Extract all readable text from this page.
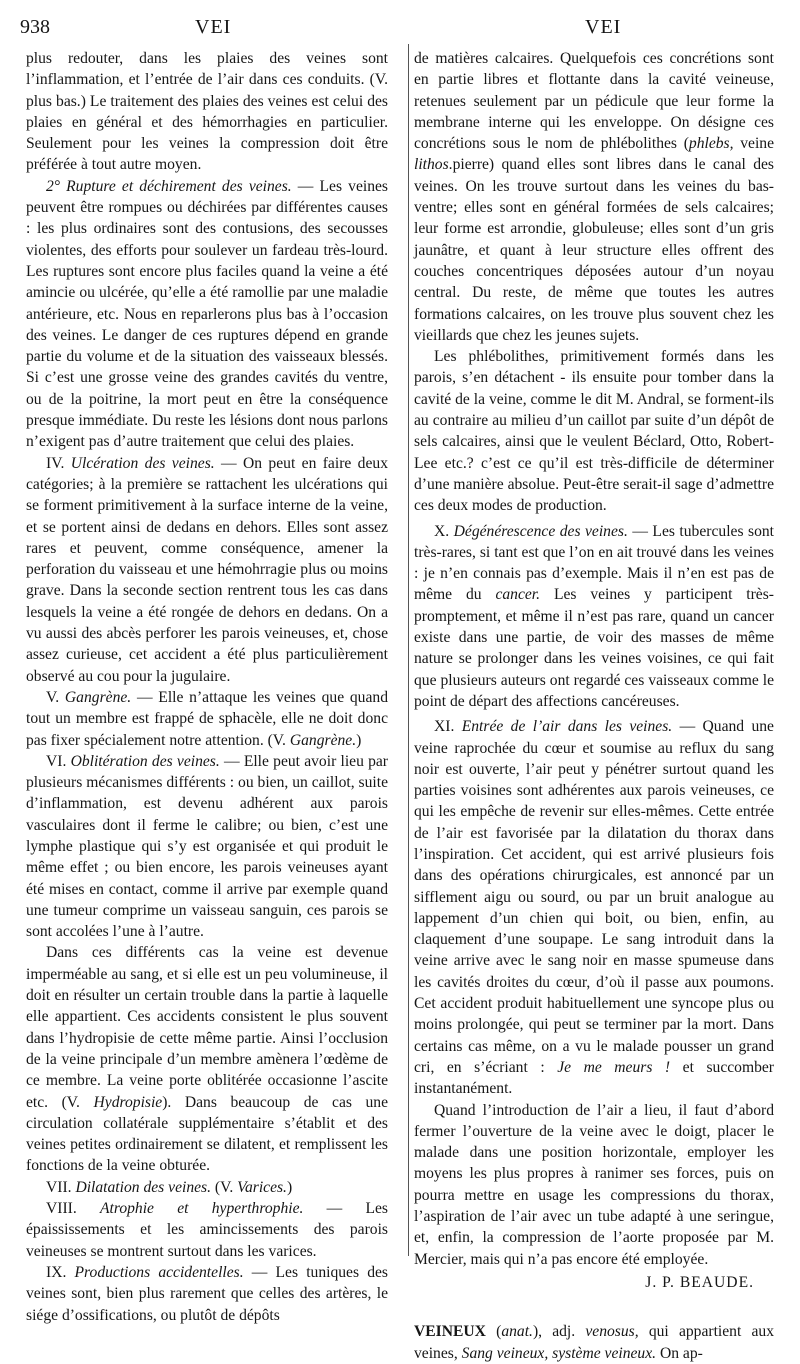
938	VEI	VEI

plus redouter, dans les plaies des veines sont l’inflammation, et l’entrée de l’air dans ces conduits. (V. plus bas.) Le traitement des plaies des veines est celui des plaies en général et des hémorrhagies en particulier. Seulement pour les veines la compression doit être préférée à tout autre moyen.

2° Rupture et déchirement des veines. — Les veines peuvent être rompues ou déchirées par différentes causes : les plus ordinaires sont des contusions, des secousses violentes, des efforts pour soulever un fardeau très-lourd. Les ruptures sont encore plus faciles quand la veine a été amincie ou ulcérée, qu’elle a été ramollie par une maladie antérieure, etc. Nous en reparlerons plus bas à l’occasion des veines. Le danger de ces ruptures dépend en grande partie du volume et de la situation des vaisseaux blessés. Si c’est une grosse veine des grandes cavités du ventre, ou de la poitrine, la mort peut en être la conséquence presque immédiate. Du reste les lésions dont nous parlons n’exigent pas d’autre traitement que celui des plaies.

IV. Ulcération des veines. — On peut en faire deux catégories; à la première se rattachent les ulcérations qui se forment primitivement à la surface interne de la veine, et se portent ainsi de dedans en dehors. Elles sont assez rares et peuvent, comme conséquence, amener la perforation du vaisseau et une hémohrragie plus ou moins grave. Dans la seconde section rentrent tous les cas dans lesquels la veine a été rongée de dehors en dedans. On a vu aussi des abcès perforer les parois veineuses, et, chose assez curieuse, cet accident a été plus particulièrement observé au cou pour la jugulaire.

V. Gangrène. — Elle n’attaque les veines que quand tout un membre est frappé de sphacèle, elle ne doit donc pas fixer spécialement notre attention. (V. Gangrène.)

VI. Oblitération des veines. — Elle peut avoir lieu par plusieurs mécanismes différents : ou bien, un caillot, suite d’inflammation, est devenu adhérent aux parois vasculaires dont il ferme le calibre; ou bien, c’est une lymphe plastique qui s’y est organisée et qui produit le même effet ; ou bien encore, les parois veineuses ayant été mises en contact, comme il arrive par exemple quand une tumeur comprime un vaisseau sanguin, ces parois se sont accolées l’une à l’autre.

Dans ces différents cas la veine est devenue imperméable au sang, et si elle est un peu volumineuse, il doit en résulter un certain trouble dans la partie à laquelle elle appartient. Ces accidents consistent le plus souvent dans l’hydropisie de cette même partie. Ainsi l’occlusion de la veine principale d’un membre amènera l’œdème de ce membre. La veine porte oblitérée occasionne l’ascite etc. (V. Hydropisie). Dans beaucoup de cas une circulation collatérale supplémentaire s’établit et des veines petites ordinairement se dilatent, et remplissent les fonctions de la veine obturée.

VII. Dilatation des veines. (V. Varices.)

VIII. Atrophie et hyperthrophie. — Les épaississements et les amincissements des parois veineuses se montrent surtout dans les varices.

IX. Productions accidentelles. — Les tuniques des veines sont, bien plus rarement que celles des artères, le siége d’ossifications, ou plutôt de dépôts

de matières calcaires. Quelquefois ces concrétions sont en partie libres et flottante dans la cavité veineuse, retenues seulement par un pédicule que leur forme la membrane interne qui les enveloppe. On désigne ces concrétions sous le nom de phlébolithes (phlebs, veine lithos.pierre) quand elles sont libres dans le canal des veines. On les trouve surtout dans les veines du bas-ventre; elles sont en général formées de sels calcaires; leur forme est arrondie, globuleuse; elles sont d’un gris jaunâtre, et quant à leur structure elles offrent des couches concentriques déposées autour d’un noyau central. Du reste, de même que toutes les autres formations calcaires, on les trouve plus souvent chez les vieillards que chez les jeunes sujets.

Les phlébolithes, primitivement formés dans les parois, s’en détachent - ils ensuite pour tomber dans la cavité de la veine, comme le dit M. Andral, se forment-ils au contraire au milieu d’un caillot par suite d’un dépôt de sels calcaires, ainsi que le veulent Béclard, Otto, Robert-Lee etc.? c’est ce qu’il est très-difficile de déterminer d’une manière absolue. Peut-être serait-il sage d’admettre ces deux modes de production.

X. Dégénérescence des veines. — Les tubercules sont très-rares, si tant est que l’on en ait trouvé dans les veines : je n’en connais pas d’exemple. Mais il n’en est pas de même du cancer. Les veines y participent très-promptement, et même il n’est pas rare, quand un cancer existe dans une partie, de voir des masses de même nature se prolonger dans les veines voisines, ce qui fait que plusieurs auteurs ont regardé ces vaisseaux comme le point de départ des affections cancéreuses.

XI. Entrée de l’air dans les veines. — Quand une veine raprochée du cœur et soumise au reflux du sang noir est ouverte, l’air peut y pénétrer surtout quand les parties voisines sont adhérentes aux parois veineuses, ce qui les empêche de revenir sur elles-mêmes. Cette entrée de l’air est favorisée par la dilatation du thorax dans l’inspiration. Cet accident, qui est arrivé plusieurs fois dans des opérations chirurgicales, est annoncé par un sifflement aigu ou sourd, ou par un bruit analogue au lappement d’un chien qui boit, ou bien, enfin, au claquement d’une soupape. Le sang introduit dans la veine arrive avec le sang noir en masse spumeuse dans les cavités droites du cœur, d’où il passe aux poumons. Cet accident produit habituellement une syncope plus ou moins prolongée, qui peut se terminer par la mort. Dans certains cas même, on a vu le malade pousser un grand cri, en s’écriant : Je me meurs ! et succomber instantanément.

Quand l’introduction de l’air a lieu, il faut d’abord fermer l’ouverture de la veine avec le doigt, placer le malade dans une position horizontale, employer les moyens les plus propres à ranimer ses forces, puis on pourra mettre en usage les compressions du thorax, l’aspiration de l’air avec un tube adapté à une seringue, et, enfin, la compression de l’aorte proposée par M. Mercier, mais qui n’a pas encore été employée.

J. P. BEAUDE.

VEINEUX (anat.), adj. venosus, qui appartient aux veines, Sang veineux, système veineux. On ap-
